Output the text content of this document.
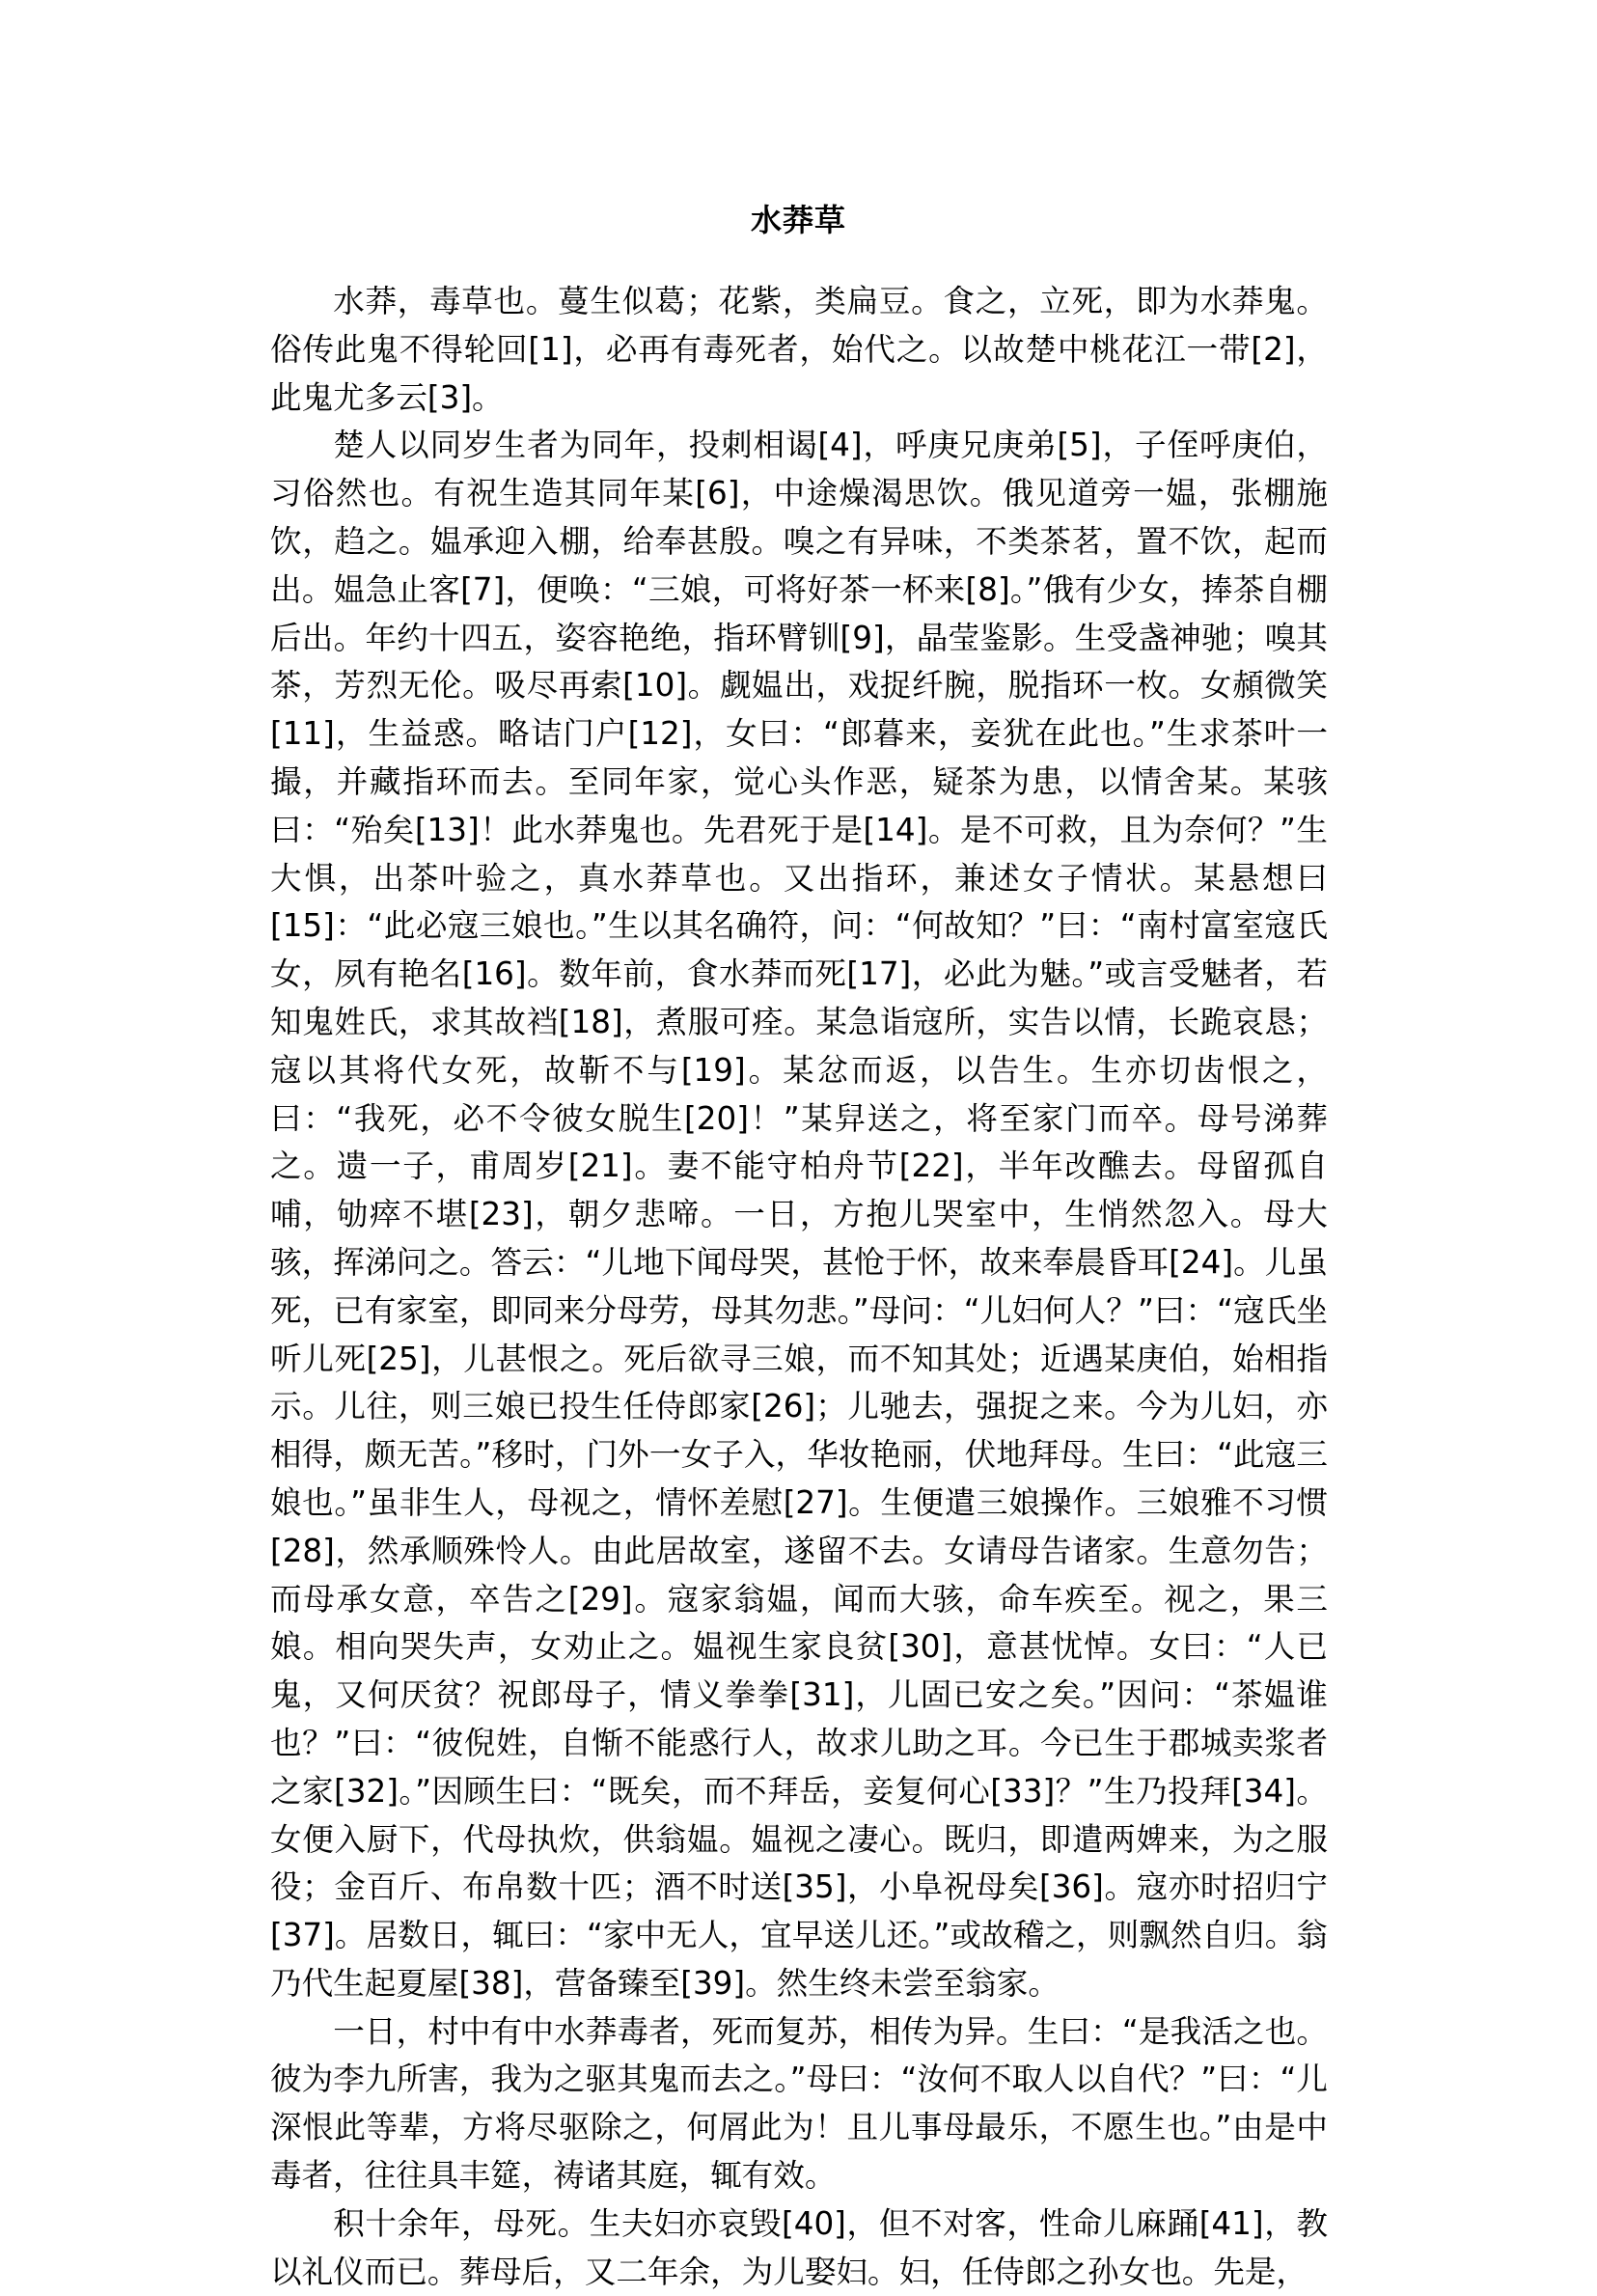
水莽草

水莽，毒草也。蔓生似葛；花紫，类扁豆。食之，立死，即为水莽鬼。俗传此鬼不得轮回[1]，必再有毒死者，始代之。以故楚中桃花江一带[2]，此鬼尤多云[3]。

楚人以同岁生者为同年，投刺相谒[4]，呼庚兄庚弟[5]，子侄呼庚伯，习俗然也。有祝生造其同年某[6]，中途燥渴思饮。俄见道旁一媪，张棚施饮，趋之。媪承迎入棚，给奉甚殷。嗅之有异味，不类茶茗，置不饮，起而出。媪急止客[7]，便唤：“三娘，可将好茶一杯来[8]。”俄有少女，捧茶自棚后出。年约十四五，姿容艳绝，指环臂钏[9]，晶莹鉴影。生受盏神驰；嗅其茶，芳烈无伦。吸尽再索[10]。觑媪出，戏捉纤腕，脱指环一枚。女頳微笑[11]，生益惑。略诘门户[12]，女曰：“郎暮来，妾犹在此也。”生求茶叶一撮，并藏指环而去。至同年家，觉心头作恶，疑茶为患，以情舍某。某骇曰：“殆矣[13]！此水莽鬼也。先君死于是[14]。是不可救，且为奈何？”生大惧，出茶叶验之，真水莽草也。又出指环，兼述女子情状。某悬想曰[15]：“此必寇三娘也。”生以其名确符，问：“何故知？”曰：“南村富室寇氏女，夙有艳名[16]。数年前，食水莽而死[17]，必此为魅。”或言受魅者，若知鬼姓氏，求其故裆[18]，煮服可痊。某急诣寇所，实告以情，长跪哀恳；寇以其将代女死，故靳不与[19]。某忿而返，以告生。生亦切齿恨之，曰：“我死，必不令彼女脱生[20]！”某舁送之，将至家门而卒。母号涕葬之。遗一子，甫周岁[21]。妻不能守柏舟节[22]，半年改醮去。母留孤自哺，劬瘁不堪[23]，朝夕悲啼。一日，方抱儿哭室中，生悄然忽入。母大骇，挥涕问之。答云：“儿地下闻母哭，甚怆于怀，故来奉晨昏耳[24]。儿虽死，已有家室，即同来分母劳，母其勿悲。”母问：“儿妇何人？”曰：“寇氏坐听儿死[25]，儿甚恨之。死后欲寻三娘，而不知其处；近遇某庚伯，始相指示。儿往，则三娘已投生任侍郎家[26]；儿驰去，强捉之来。今为儿妇，亦相得，颇无苦。”移时，门外一女子入，华妆艳丽，伏地拜母。生曰：“此寇三娘也。”虽非生人，母视之，情怀差慰[27]。生便遣三娘操作。三娘雅不习惯[28]，然承顺殊怜人。由此居故室，遂留不去。女请母告诸家。生意勿告；而母承女意，卒告之[29]。寇家翁媪，闻而大骇，命车疾至。视之，果三娘。相向哭失声，女劝止之。媪视生家良贫[30]，意甚忧悼。女曰：“人已鬼，又何厌贫？祝郎母子，情义拳拳[31]，儿固已安之矣。”因问：“茶媪谁也？”曰：“彼倪姓，自惭不能惑行人，故求儿助之耳。今已生于郡城卖浆者之家[32]。”因顾生曰：“既矣，而不拜岳，妾复何心[33]？”生乃投拜[34]。女便入厨下，代母执炊，供翁媪。媪视之凄心。既归，即遣两婢来，为之服役；金百斤、布帛数十匹；酒不时送[35]，小阜祝母矣[36]。寇亦时招归宁[37]。居数日，辄曰：“家中无人，宜早送儿还。”或故稽之，则飘然自归。翁乃代生起夏屋[38]，营备臻至[39]。然生终未尝至翁家。

一日，村中有中水莽毒者，死而复苏，相传为异。生曰：“是我活之也。彼为李九所害，我为之驱其鬼而去之。”母曰：“汝何不取人以自代？”曰：“儿深恨此等辈，方将尽驱除之，何屑此为！且儿事母最乐，不愿生也。”由是中毒者，往往具丰筵，祷诸其庭，辄有效。

积十余年，母死。生夫妇亦哀毁[40]，但不对客，性命儿麻踊[41]，教以礼仪而已。葬母后，又二年余，为儿娶妇。妇，任侍郎之孙女也。先是，
